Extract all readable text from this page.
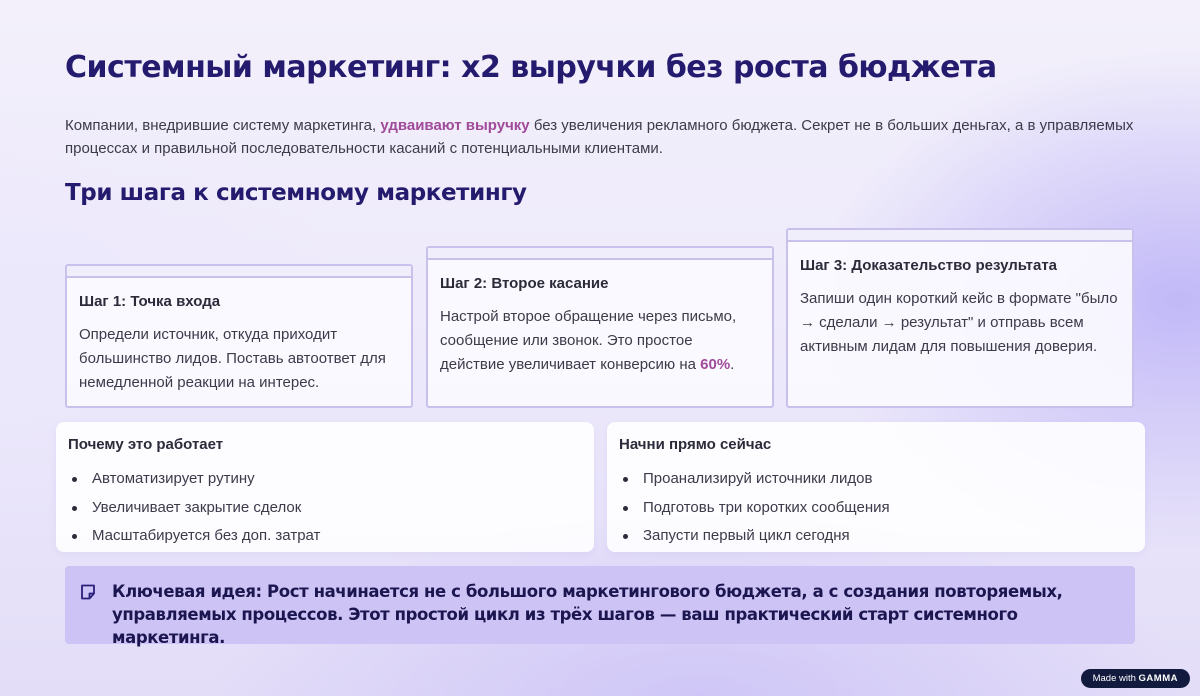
Системный маркетинг: х2 выручки без роста бюджета

Компании, внедрившие систему маркетинга, удваивают выручку без увеличения рекламного бюджета. Секрет не в больших деньгах, а в управляемых процессах и правильной последовательности касаний с потенциальными клиентами.

Три шага к системному маркетингу
Шаг 1: Точка входа
Определи источник, откуда приходит большинство лидов. Поставь автоответ для немедленной реакции на интерес.
Шаг 2: Второе касание
Настрой второе обращение через письмо, сообщение или звонок. Это простое действие увеличивает конверсию на 60%.
Шаг 3: Доказательство результата
Запиши один короткий кейс в формате "было → сделали → результат" и отправь всем активным лидам для повышения доверия.
Почему это работает
Автоматизирует рутину
Увеличивает закрытие сделок
Масштабируется без доп. затрат
Начни прямо сейчас
Проанализируй источники лидов
Подготовь три коротких сообщения
Запусти первый цикл сегодня

Ключевая идея: Рост начинается не с большого маркетингового бюджета, а с создания повторяемых, управляемых процессов. Этот простой цикл из трёх шагов — ваш практический старт системного маркетинга.

Made with GAMMA
